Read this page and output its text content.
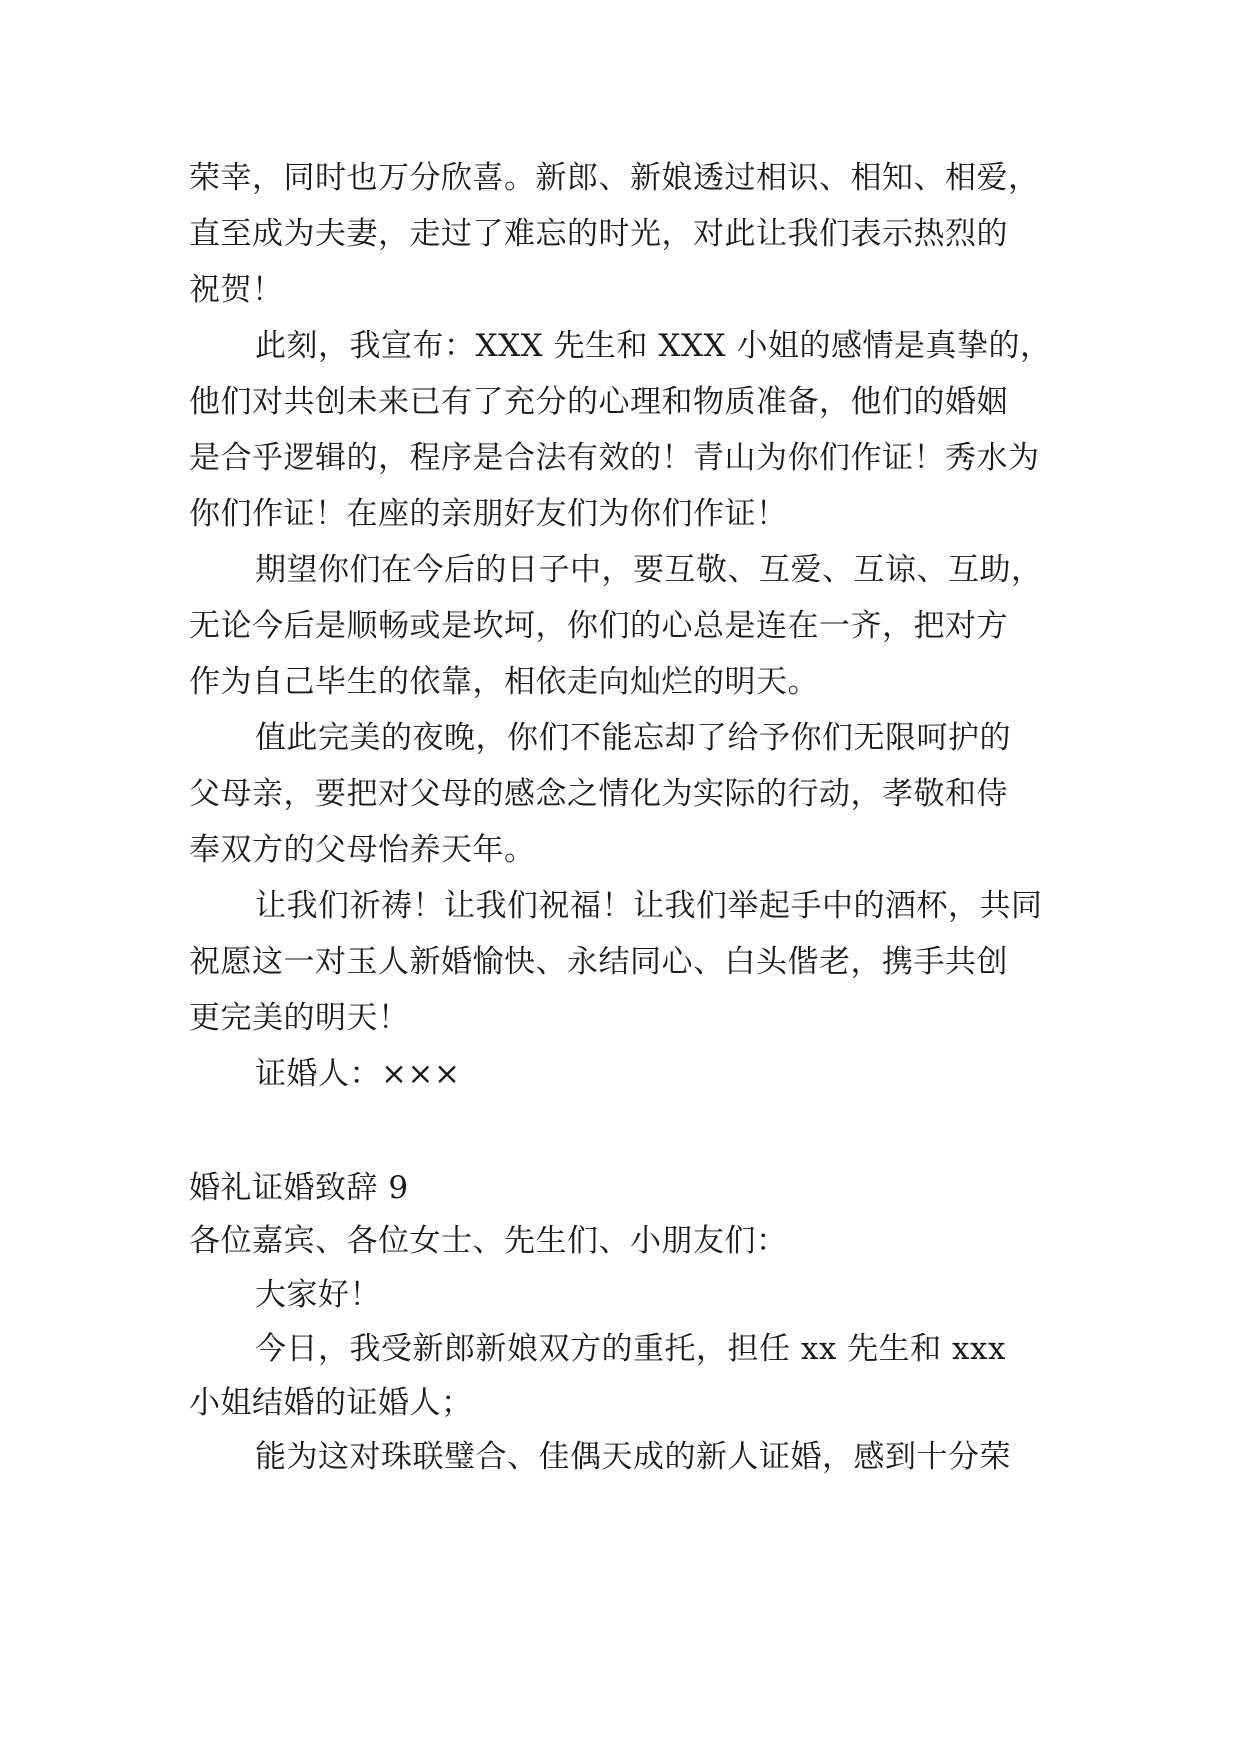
荣幸，同时也万分欣喜。新郎、新娘透过相识、相知、相爱，
直至成为夫妻，走过了难忘的时光，对此让我们表示热烈的
祝贺！
此刻，我宣布：XXX 先生和 XXX 小姐的感情是真挚的，
他们对共创未来已有了充分的心理和物质准备，他们的婚姻
是合乎逻辑的，程序是合法有效的！青山为你们作证！秀水为
你们作证！在座的亲朋好友们为你们作证！
期望你们在今后的日子中，要互敬、互爱、互谅、互助，
无论今后是顺畅或是坎坷，你们的心总是连在一齐，把对方
作为自己毕生的依靠，相依走向灿烂的明天。
值此完美的夜晚，你们不能忘却了给予你们无限呵护的
父母亲，要把对父母的感念之情化为实际的行动，孝敬和侍
奉双方的父母怡养天年。
让我们祈祷！让我们祝福！让我们举起手中的酒杯，共同
祝愿这一对玉人新婚愉快、永结同心、白头偕老，携手共创
更完美的明天！
证婚人：×××
婚礼证婚致辞 9
各位嘉宾、各位女士、先生们、小朋友们：
大家好！
今日，我受新郎新娘双方的重托，担任 xx 先生和 xxx
小姐结婚的证婚人；
能为这对珠联璧合、佳偶天成的新人证婚，感到十分荣
